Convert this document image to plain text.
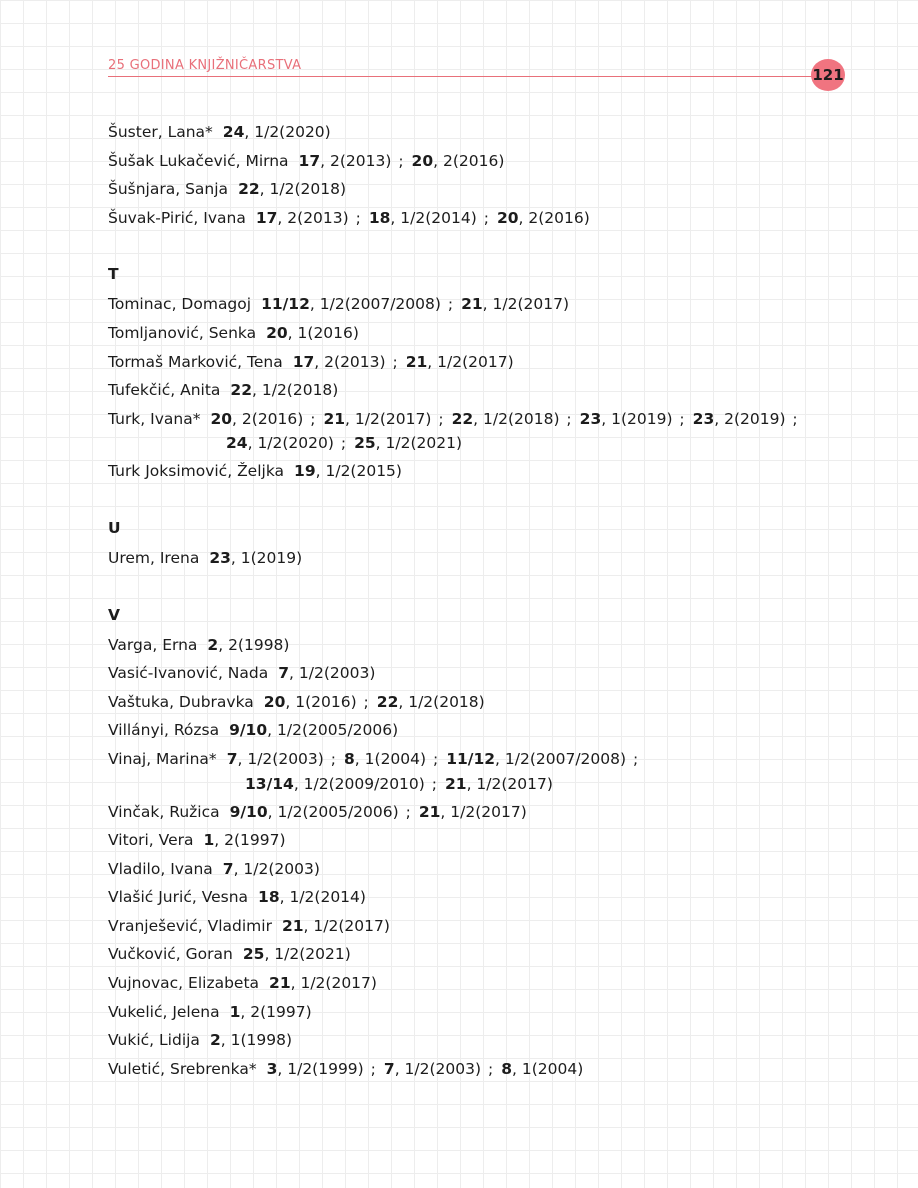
25 GODINA KNJIŽNIČARSTVA
121
Šuster, Lana* 24, 1/2(2020)
Šušak Lukačević, Mirna 17, 2(2013) ; 20, 2(2016)
Šušnjara, Sanja 22, 1/2(2018)
Šuvak-Pirić, Ivana 17, 2(2013) ; 18, 1/2(2014) ; 20, 2(2016)
T
Tominac, Domagoj 11/12, 1/2(2007/2008) ; 21, 1/2(2017)
Tomljanović, Senka 20, 1(2016)
Tormaš Marković, Tena 17, 2(2013) ; 21, 1/2(2017)
Tufekčić, Anita 22, 1/2(2018)
Turk, Ivana* 20, 2(2016) ; 21, 1/2(2017) ; 22, 1/2(2018) ; 23, 1(2019) ; 23, 2(2019) ;
24, 1/2(2020) ; 25, 1/2(2021)
Turk Joksimović, Željka 19, 1/2(2015)
U
Urem, Irena 23, 1(2019)
V
Varga, Erna 2, 2(1998)
Vasić-Ivanović, Nada 7, 1/2(2003)
Vaštuka, Dubravka 20, 1(2016) ; 22, 1/2(2018)
Villányi, Rózsa 9/10, 1/2(2005/2006)
Vinaj, Marina* 7, 1/2(2003) ; 8, 1(2004) ; 11/12, 1/2(2007/2008) ;
13/14, 1/2(2009/2010) ; 21, 1/2(2017)
Vinčak, Ružica 9/10, 1/2(2005/2006) ; 21, 1/2(2017)
Vitori, Vera 1, 2(1997)
Vladilo, Ivana 7, 1/2(2003)
Vlašić Jurić, Vesna 18, 1/2(2014)
Vranješević, Vladimir 21, 1/2(2017)
Vučković, Goran 25, 1/2(2021)
Vujnovac, Elizabeta 21, 1/2(2017)
Vukelić, Jelena 1, 2(1997)
Vukić, Lidija 2, 1(1998)
Vuletić, Srebrenka* 3, 1/2(1999) ; 7, 1/2(2003) ; 8, 1(2004)
